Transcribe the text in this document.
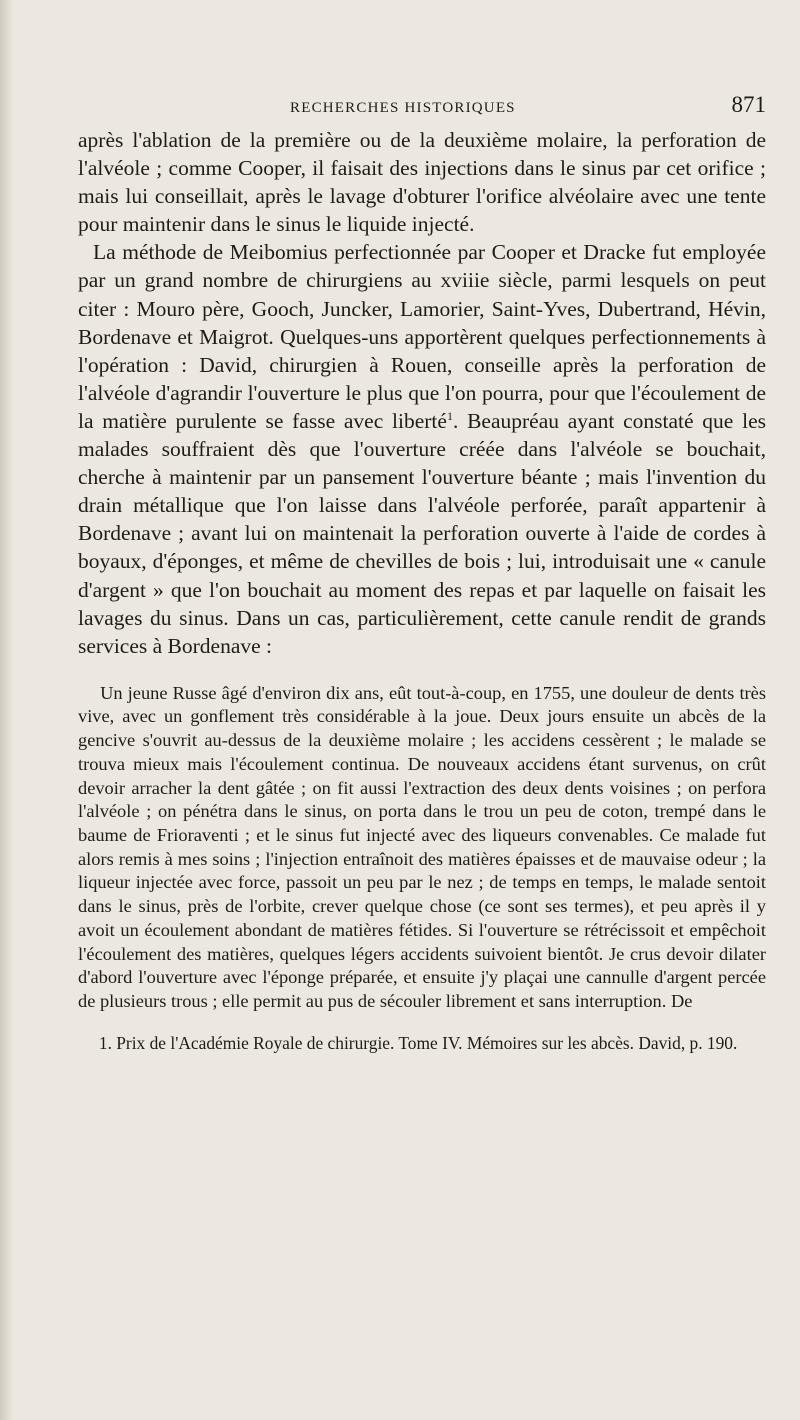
RECHERCHES HISTORIQUES	871

après l'ablation de la première ou de la deuxième molaire, la perforation de l'alvéole ; comme Cooper, il faisait des injections dans le sinus par cet orifice ; mais lui conseillait, après le lavage d'obturer l'orifice alvéolaire avec une tente pour maintenir dans le sinus le liquide injecté.

La méthode de Meibomius perfectionnée par Cooper et Dracke fut employée par un grand nombre de chirurgiens au xviiie siècle, parmi lesquels on peut citer : Mouro père, Gooch, Juncker, Lamorier, Saint-Yves, Dubertrand, Hévin, Bordenave et Maigrot. Quelques-uns apportèrent quelques perfectionnements à l'opération : David, chirurgien à Rouen, conseille après la perforation de l'alvéole d'agrandir l'ouverture le plus que l'on pourra, pour que l'écoulement de la matière purulente se fasse avec liberté$^1$. Beaupréau ayant constaté que les malades souffraient dès que l'ouverture créée dans l'alvéole se bouchait, cherche à maintenir par un pansement l'ouverture béante ; mais l'invention du drain métallique que l'on laisse dans l'alvéole perforée, paraît appartenir à Bordenave ; avant lui on maintenait la perforation ouverte à l'aide de cordes à boyaux, d'éponges, et même de chevilles de bois ; lui, introduisait une « canule d'argent » que l'on bouchait au moment des repas et par laquelle on faisait les lavages du sinus. Dans un cas, particulièrement, cette canule rendit de grands services à Bordenave :

Un jeune Russe âgé d'environ dix ans, eût tout-à-coup, en 1755, une douleur de dents très vive, avec un gonflement très considérable à la joue. Deux jours ensuite un abcès de la gencive s'ouvrit au-dessus de la deuxième molaire ; les accidens cessèrent ; le malade se trouva mieux mais l'écoulement continua. De nouveaux accidens étant survenus, on crût devoir arracher la dent gâtée ; on fit aussi l'extraction des deux dents voisines ; on perfora l'alvéole ; on pénétra dans le sinus, on porta dans le trou un peu de coton, trempé dans le baume de Frioraventi ; et le sinus fut injecté avec des liqueurs convenables. Ce malade fut alors remis à mes soins ; l'injection entraînoit des matières épaisses et de mauvaise odeur ; la liqueur injectée avec force, passoit un peu par le nez ; de temps en temps, le malade sentoit dans le sinus, près de l'orbite, crever quelque chose (ce sont ses termes), et peu après il y avoit un écoulement abondant de matières fétides. Si l'ouverture se rétrécissoit et empêchoit l'écoulement des matières, quelques légers accidents suivoient bientôt. Je crus devoir dilater d'abord l'ouverture avec l'éponge préparée, et ensuite j'y plaçai une cannulle d'argent percée de plusieurs trous ; elle permit au pus de sécouler librement et sans interruption. De

1. Prix de l'Académie Royale de chirurgie. Tome IV. Mémoires sur les abcès. David, p. 190.
